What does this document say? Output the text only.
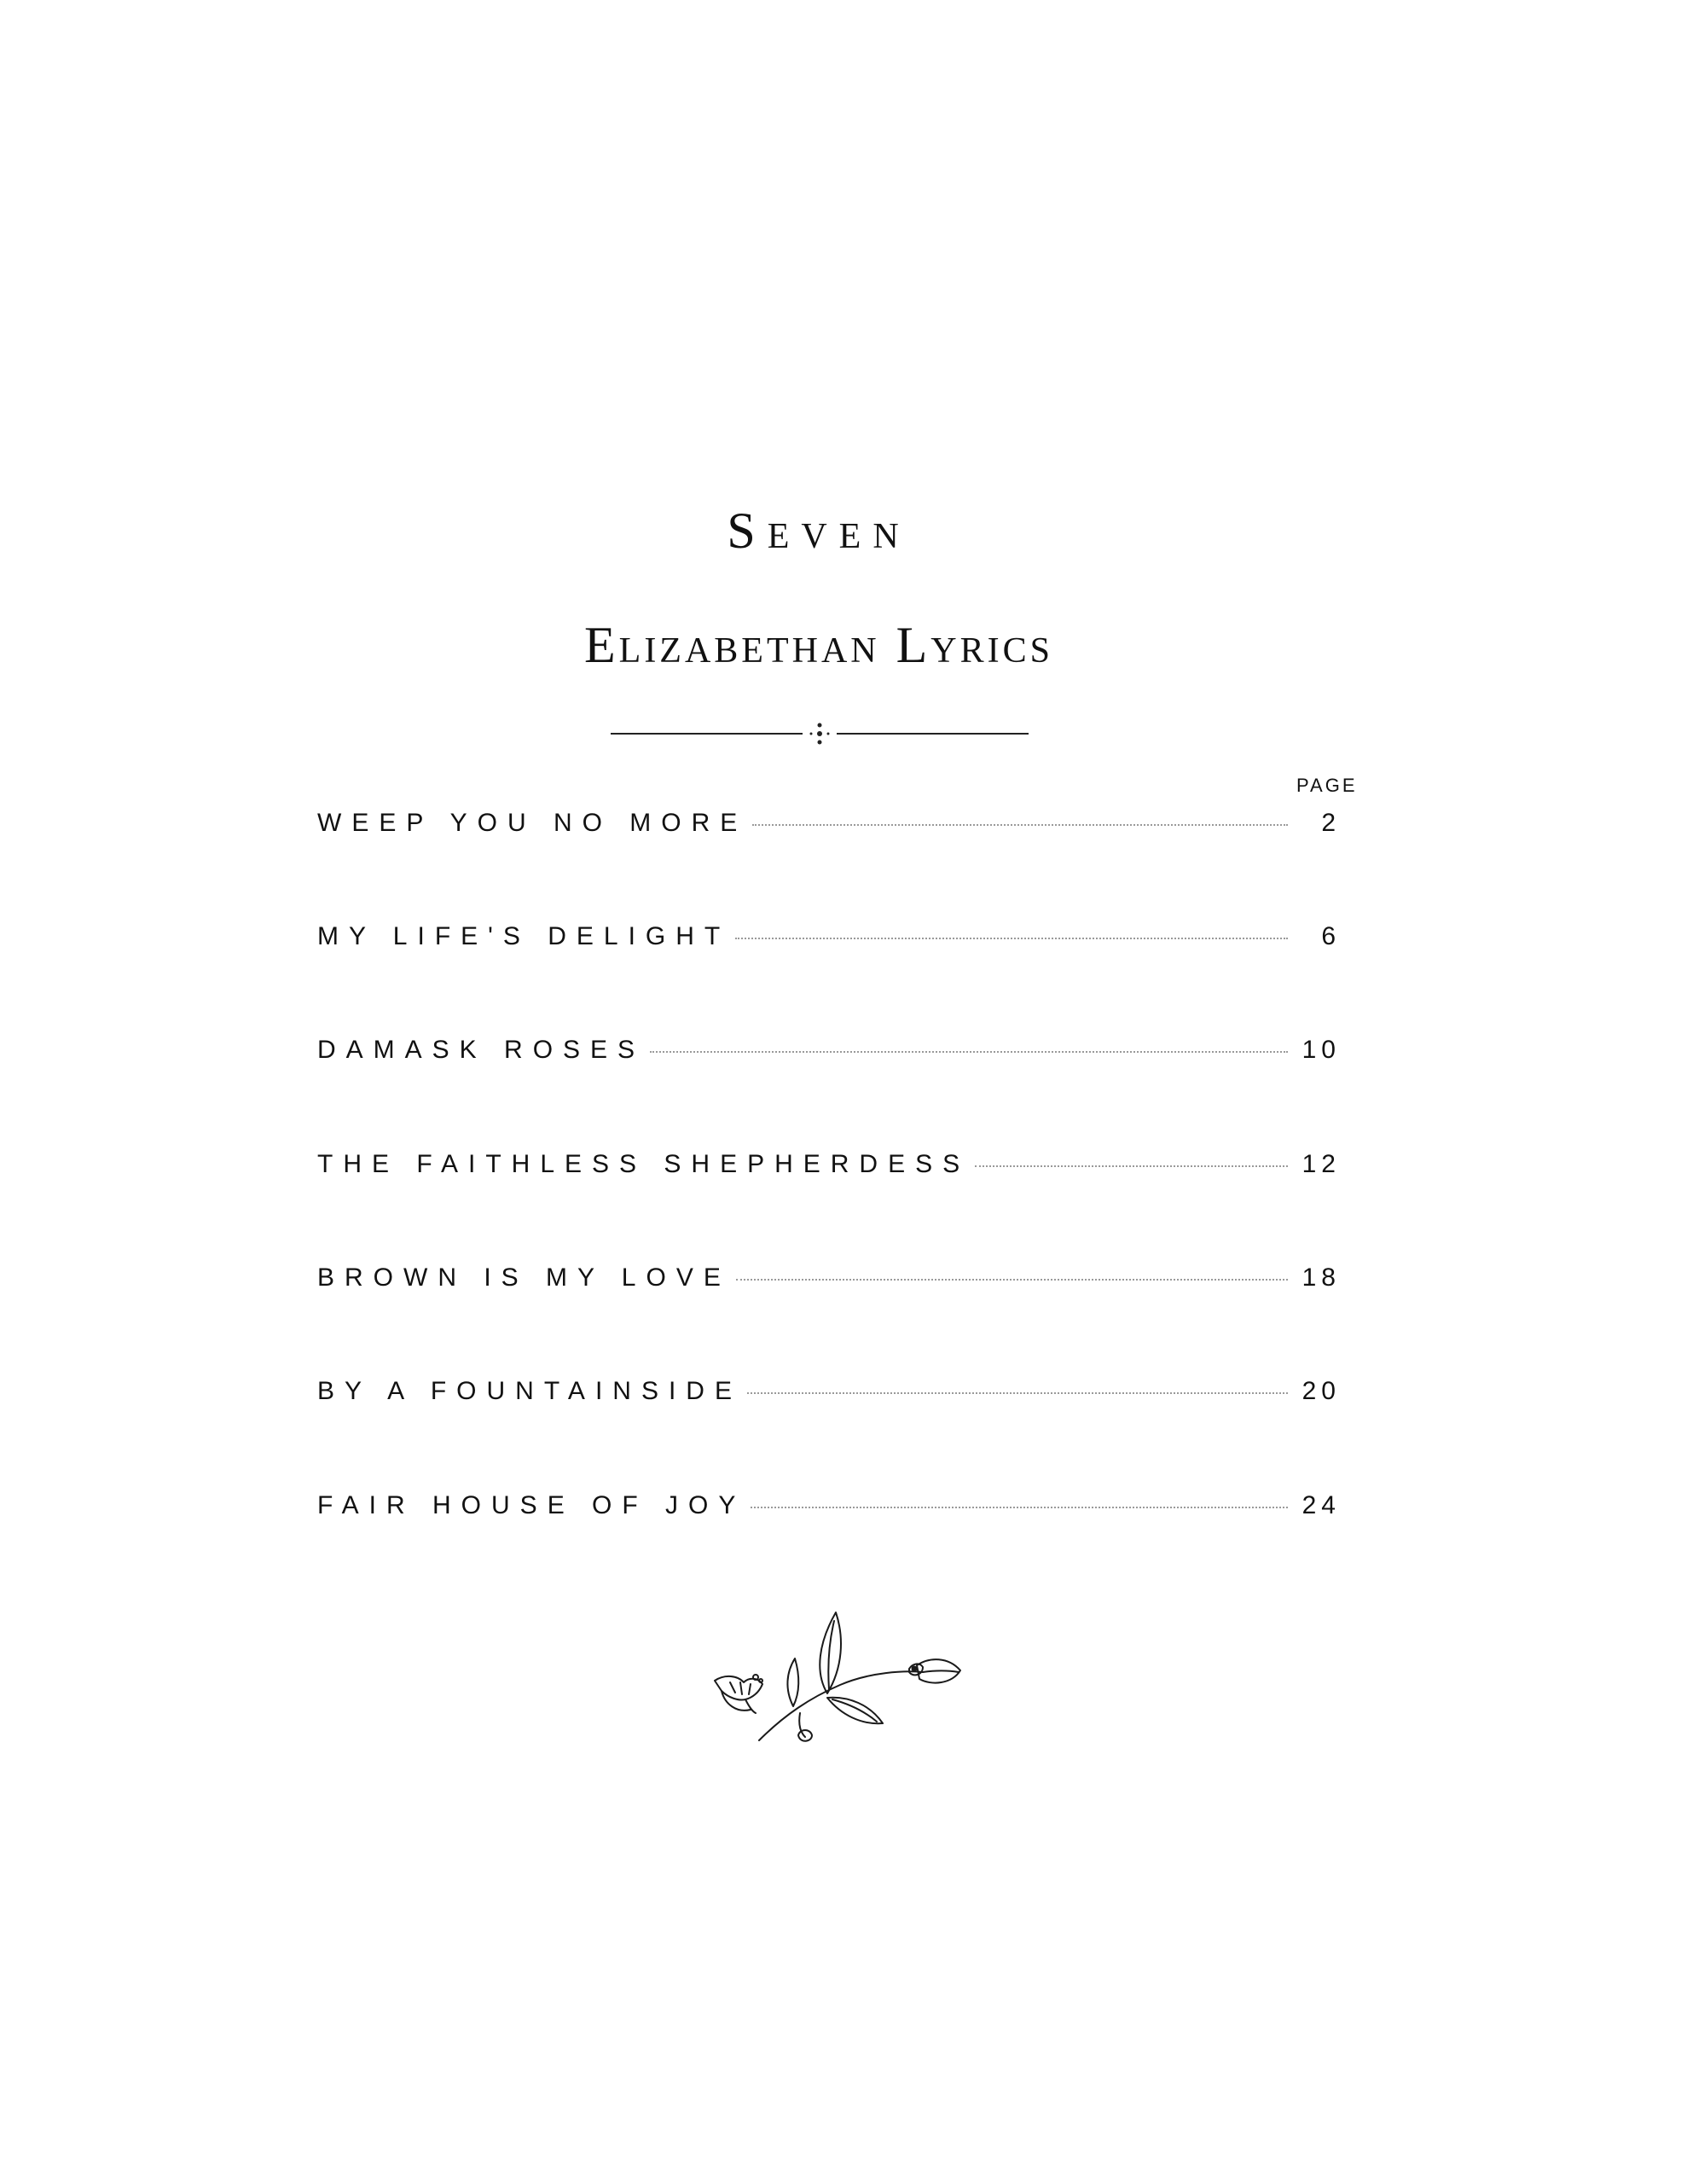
Seven
Elizabethan Lyrics
PAGE
WEEP YOU NO MORE	2
MY LIFE'S DELIGHT	6
DAMASK ROSES	10
THE FAITHLESS SHEPHERDESS	12
BROWN IS MY LOVE	18
BY A FOUNTAINSIDE	20
FAIR HOUSE OF JOY	24
